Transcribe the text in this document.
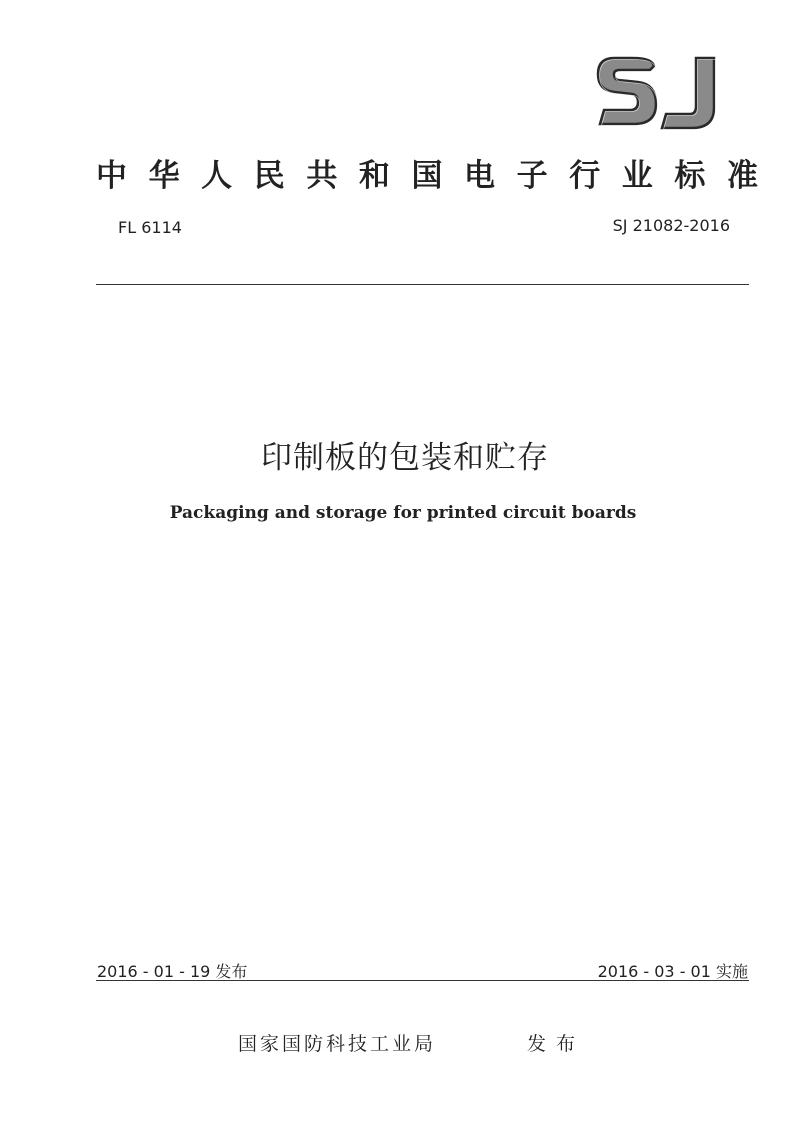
中 华 人 民 共 和 国 电 子 行 业 标 准
FL 6114	SJ 21082-2016
印制板的包装和贮存
Packaging and storage for printed circuit boards
2016 - 01 - 19 发布	2016 - 03 - 01 实施
国家国防科技工业局	发布
